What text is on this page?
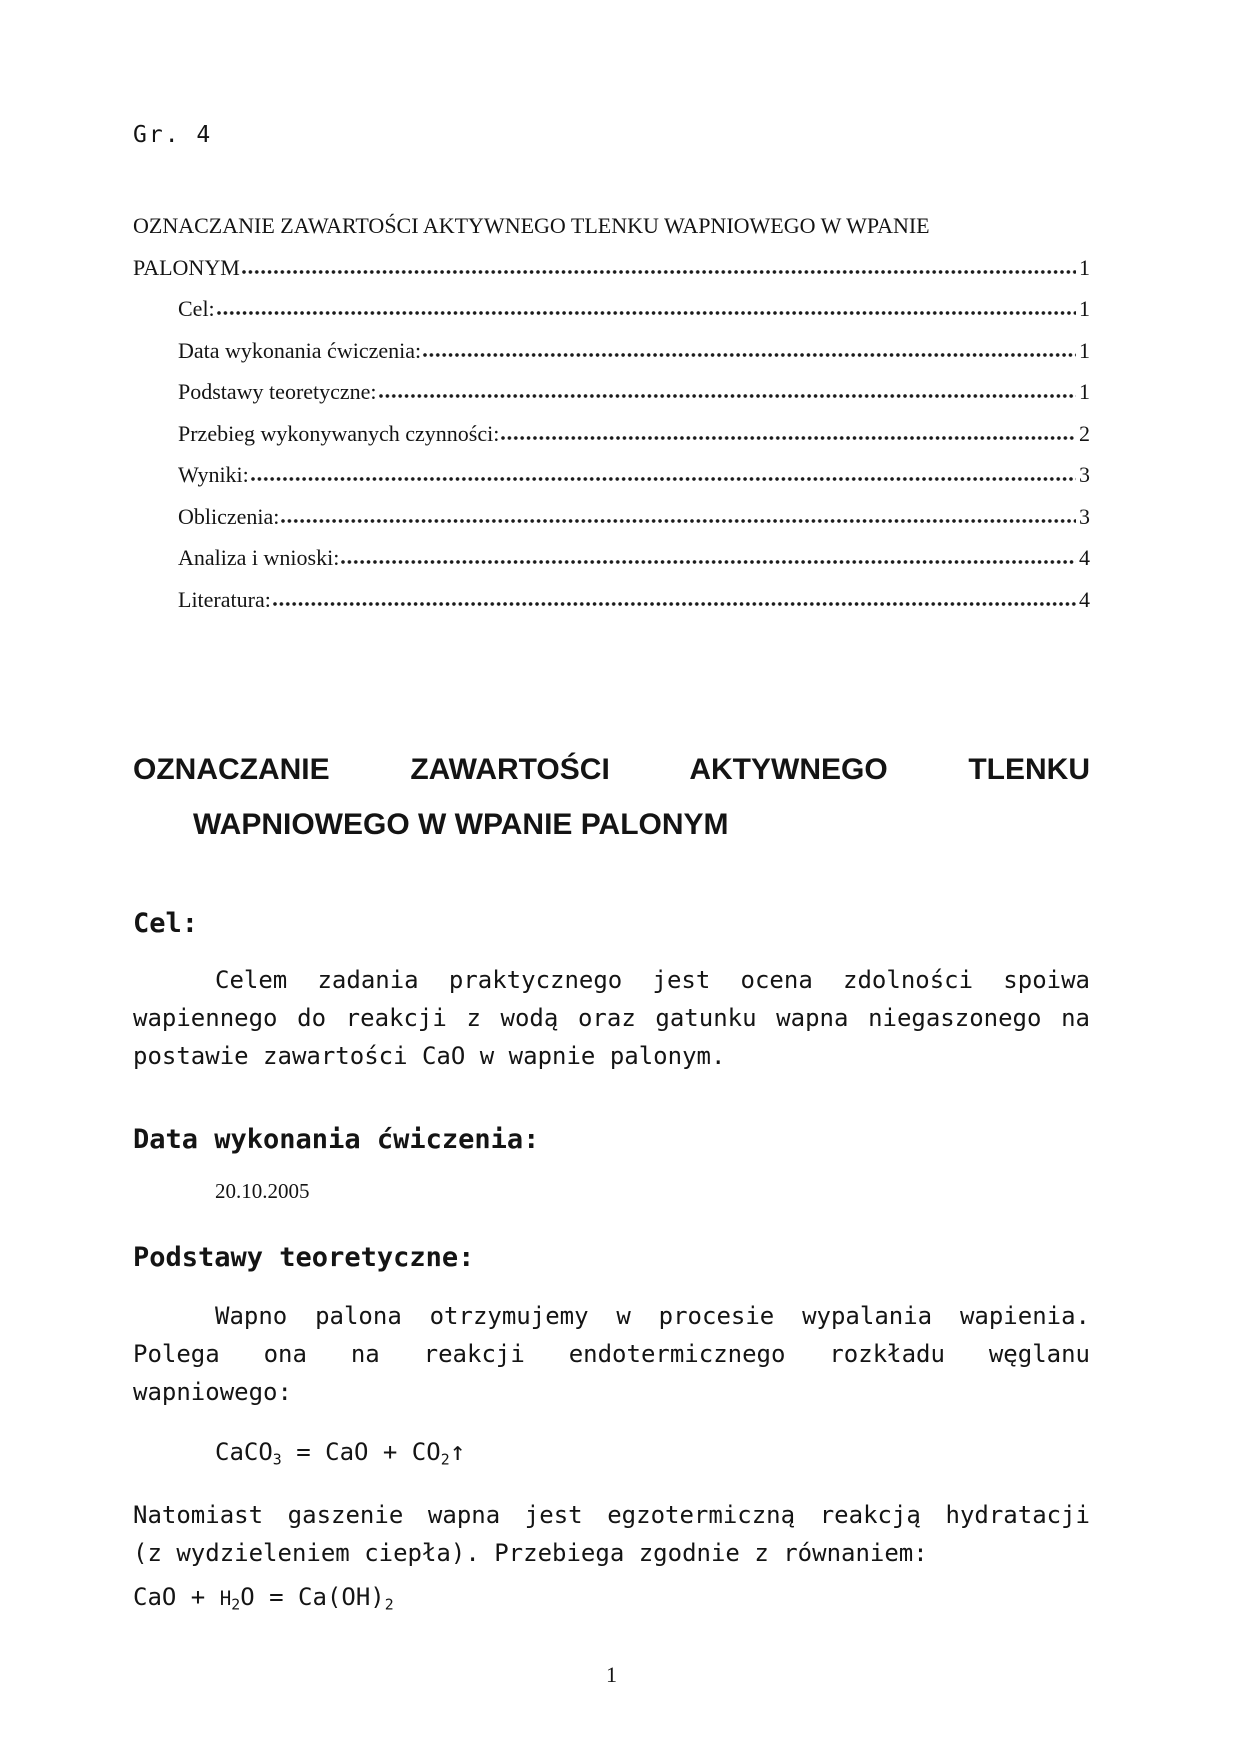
Gr. 4
OZNACZANIE ZAWARTOŚCI AKTYWNEGO TLENKU WAPNIOWEGO W WPANIE
PALONYM	1
Cel:	1
Data wykonania ćwiczenia:	1
Podstawy teoretyczne:	1
Przebieg wykonywanych czynności:	2
Wyniki:	3
Obliczenia:	3
Analiza i wnioski:	4
Literatura:	4
OZNACZANIE ZAWARTOŚCI AKTYWNEGO TLENKU
WAPNIOWEGO W WPANIE PALONYM
Cel:
Celem zadania praktycznego jest ocena zdolności spoiwa
wapiennego do reakcji z wodą oraz gatunku wapna niegaszonego na
postawie zawartości CaO w wapnie palonym.
Data wykonania ćwiczenia:
20.10.2005
Podstawy teoretyczne:
Wapno palona otrzymujemy w procesie wypalania wapienia.
Polega ona na reakcji endotermicznego rozkładu węglanu
wapniowego:
CaCO3 = CaO + CO2↑
Natomiast gaszenie wapna jest egzotermiczną reakcją hydratacji
(z wydzieleniem ciepła). Przebiega zgodnie z równaniem:
CaO + H2O = Ca(OH)2
1
